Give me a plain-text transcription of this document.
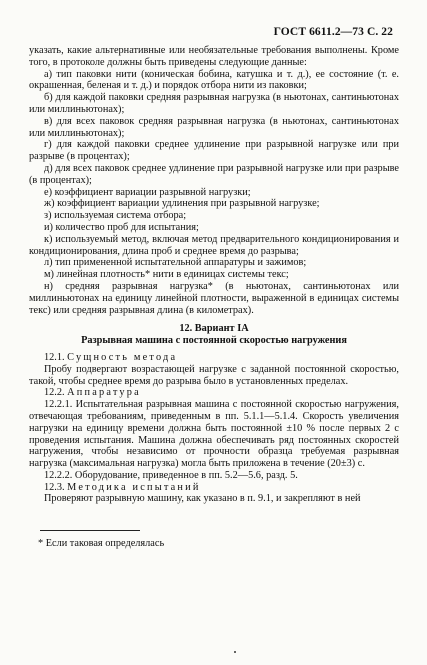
ГОСТ 6611.2—73 С. 22

указать, какие альтернативные или необязательные требования выполнены. Кроме того, в протоколе должны быть приведены следующие данные:

а) тип паковки нити (коническая бобина, катушка и т. д.), ее состояние (т. е. окрашенная, беленая и т. д.) и порядок отбора нити из паковки;

б) для каждой паковки средняя разрывная нагрузка (в ньютонах, сантиньютонах или миллиньютонах);

в) для всех паковок средняя разрывная нагрузка (в ньютонах, сантиньютонах или миллиньютонах);

г) для каждой паковки среднее удлинение при разрывной нагрузке или при разрыве (в процентах);

д) для всех паковок среднее удлинение при разрывной нагрузке или при разрыве (в процентах);

е) коэффициент вариации разрывной нагрузки;

ж) коэффициент вариации удлинения при разрывной нагрузке;

з) используемая система отбора;

и) количество проб для испытания;

к) используемый метод, включая метод предварительного кондиционирования и кондиционирования, длина проб и среднее время до разрыва;

л) тип примененной испытательной аппаратуры и зажимов;

м) линейная плотность* нити в единицах системы текс;

н) средняя разрывная нагрузка* (в ньютонах, сантиньютонах или миллиньютонах на единицу линейной плотности, выраженной в единицах системы текс) или средняя разрывная длина (в километрах).

12. Вариант IA

Разрывная машина с постоянной скоростью нагружения

12.1. Сущность метода

Пробу подвергают возрастающей нагрузке с заданной постоянной скоростью, такой, чтобы среднее время до разрыва было в установленных пределах.

12.2. Аппаратура

12.2.1. Испытательная разрывная машина с постоянной скоростью нагружения, отвечающая требованиям, приведенным в пп. 5.1.1—5.1.4. Скорость увеличения нагрузки на единицу времени должна быть постоянной ±10 % после первых 2 с проведения испытания. Машина должна обеспечивать ряд постоянных скоростей нагружения, чтобы независимо от прочности образца требуемая разрывная нагрузка (максимальная нагрузка) могла быть приложена в течение (20±3) с.

12.2.2. Оборудование, приведенное в пп. 5.2—5.6, разд. 5.

12.3. Методика испытаний

Проверяют разрывную машину, как указано в п. 9.1, и закрепляют в ней

* Если таковая определялась
